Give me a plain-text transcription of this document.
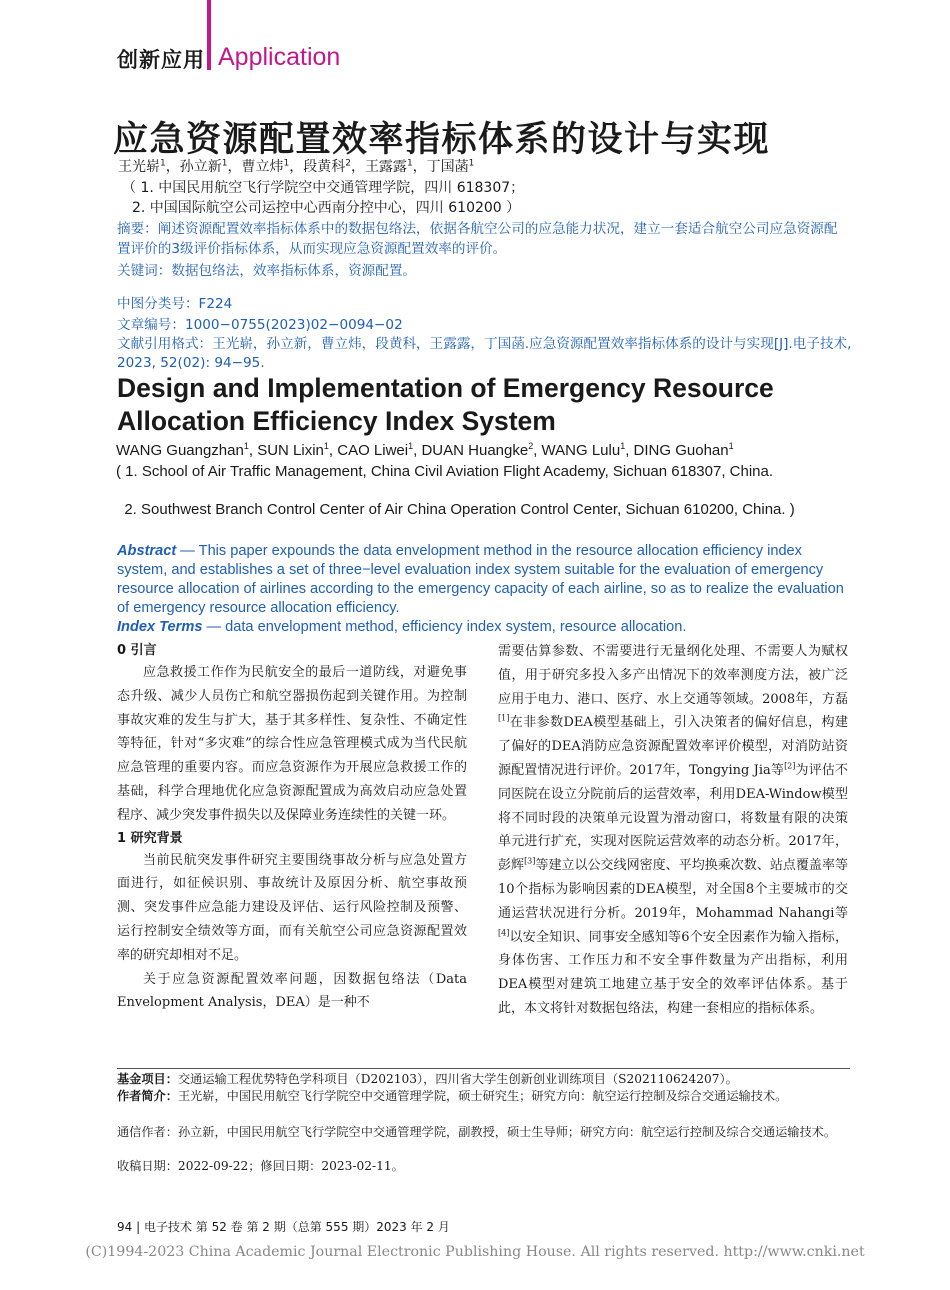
创新应用 Application
应急资源配置效率指标体系的设计与实现
王光崭$^1$，孙立新$^1$，曹立炜$^1$，段黄科$^2$，王露露$^1$，丁国菡$^1$
（ 1. 中国民用航空飞行学院空中交通管理学院，四川 618307；
2. 中国国际航空公司运控中心西南分控中心，四川 610200 ）
摘要：阐述资源配置效率指标体系中的数据包络法，依据各航空公司的应急能力状况，建立一套适合航空公司应急资源配置评价的3级评价指标体系，从而实现应急资源配置效率的评价。
关键词：数据包络法，效率指标体系，资源配置。
中图分类号：F224
文章编号：1000−0755(2023)02−0094−02
文献引用格式：王光崭，孙立新，曹立炜，段黄科，王露露，丁国菡.应急资源配置效率指标体系的设计与实现[J].电子技术, 2023, 52(02): 94−95.
Design and Implementation of Emergency Resource
Allocation Efficiency Index System
WANG Guangzhan$^1$, SUN Lixin$^1$, CAO Liwei$^1$, DUAN Huangke$^2$, WANG Lulu$^1$, DING Guohan$^1$
( 1. School of Air Traffic Management, China Civil Aviation Flight Academy, Sichuan 618307, China.
2. Southwest Branch Control Center of Air China Operation Control Center, Sichuan 610200, China. )
Abstract — This paper expounds the data envelopment method in the resource allocation efficiency index system, and establishes a set of three−level evaluation index system suitable for the evaluation of emergency resource allocation of airlines according to the emergency capacity of each airline, so as to realize the evaluation of emergency resource allocation efficiency.
Index Terms — data envelopment method, efficiency index system, resource allocation.
0 引言
应急救援工作作为民航安全的最后一道防线，对避免事态升级、减少人员伤亡和航空器损伤起到关键作用。为控制事故灾难的发生与扩大，基于其多样性、复杂性、不确定性等特征，针对“多灾难”的综合性应急管理模式成为当代民航应急管理的重要内容。而应急资源作为开展应急救援工作的基础，科学合理地优化应急资源配置成为高效启动应急处置程序、减少突发事件损失以及保障业务连续性的关键一环。
1 研究背景
当前民航突发事件研究主要围绕事故分析与应急处置方面进行，如征候识别、事故统计及原因分析、航空事故预测、突发事件应急能力建设及评估、运行风险控制及预警、运行控制安全绩效等方面，而有关航空公司应急资源配置效率的研究却相对不足。
关于应急资源配置效率问题，因数据包络法（Data Envelopment Analysis，DEA）是一种不
需要估算参数、不需要进行无量纲化处理、不需要人为赋权值，用于研究多投入多产出情况下的效率测度方法，被广泛应用于电力、港口、医疗、水上交通等领域。2008年，方磊[1]在非参数DEA模型基础上，引入决策者的偏好信息，构建了偏好的DEA消防应急资源配置效率评价模型，对消防站资源配置情况进行评价。2017年，Tongying Jia等[2]为评估不同医院在设立分院前后的运营效率，利用DEA-Window模型将不同时段的决策单元设置为滑动窗口，将数量有限的决策单元进行扩充，实现对医院运营效率的动态分析。2017年，彭辉[3]等建立以公交线网密度、平均换乘次数、站点覆盖率等10个指标为影响因素的DEA模型，对全国8个主要城市的交通运营状况进行分析。2019年，Mohammad Nahangi等[4]以安全知识、同事安全感知等6个安全因素作为输入指标，身体伤害、工作压力和不安全事件数量为产出指标，利用DEA模型对建筑工地建立基于安全的效率评估体系。基于此，本文将针对数据包络法，构建一套相应的指标体系。
基金项目：交通运输工程优势特色学科项目（D202103），四川省大学生创新创业训练项目（S202110624207）。
作者简介：王光崭，中国民用航空飞行学院空中交通管理学院，硕士研究生；研究方向：航空运行控制及综合交通运输技术。
通信作者：孙立新，中国民用航空飞行学院空中交通管理学院，副教授，硕士生导师；研究方向：航空运行控制及综合交通运输技术。
收稿日期：2022-09-22；修回日期：2023-02-11。
94 | 电子技术 第 52 卷 第 2 期（总第 555 期）2023 年 2 月
(C)1994-2023 China Academic Journal Electronic Publishing House. All rights reserved. http://www.cnki.net
